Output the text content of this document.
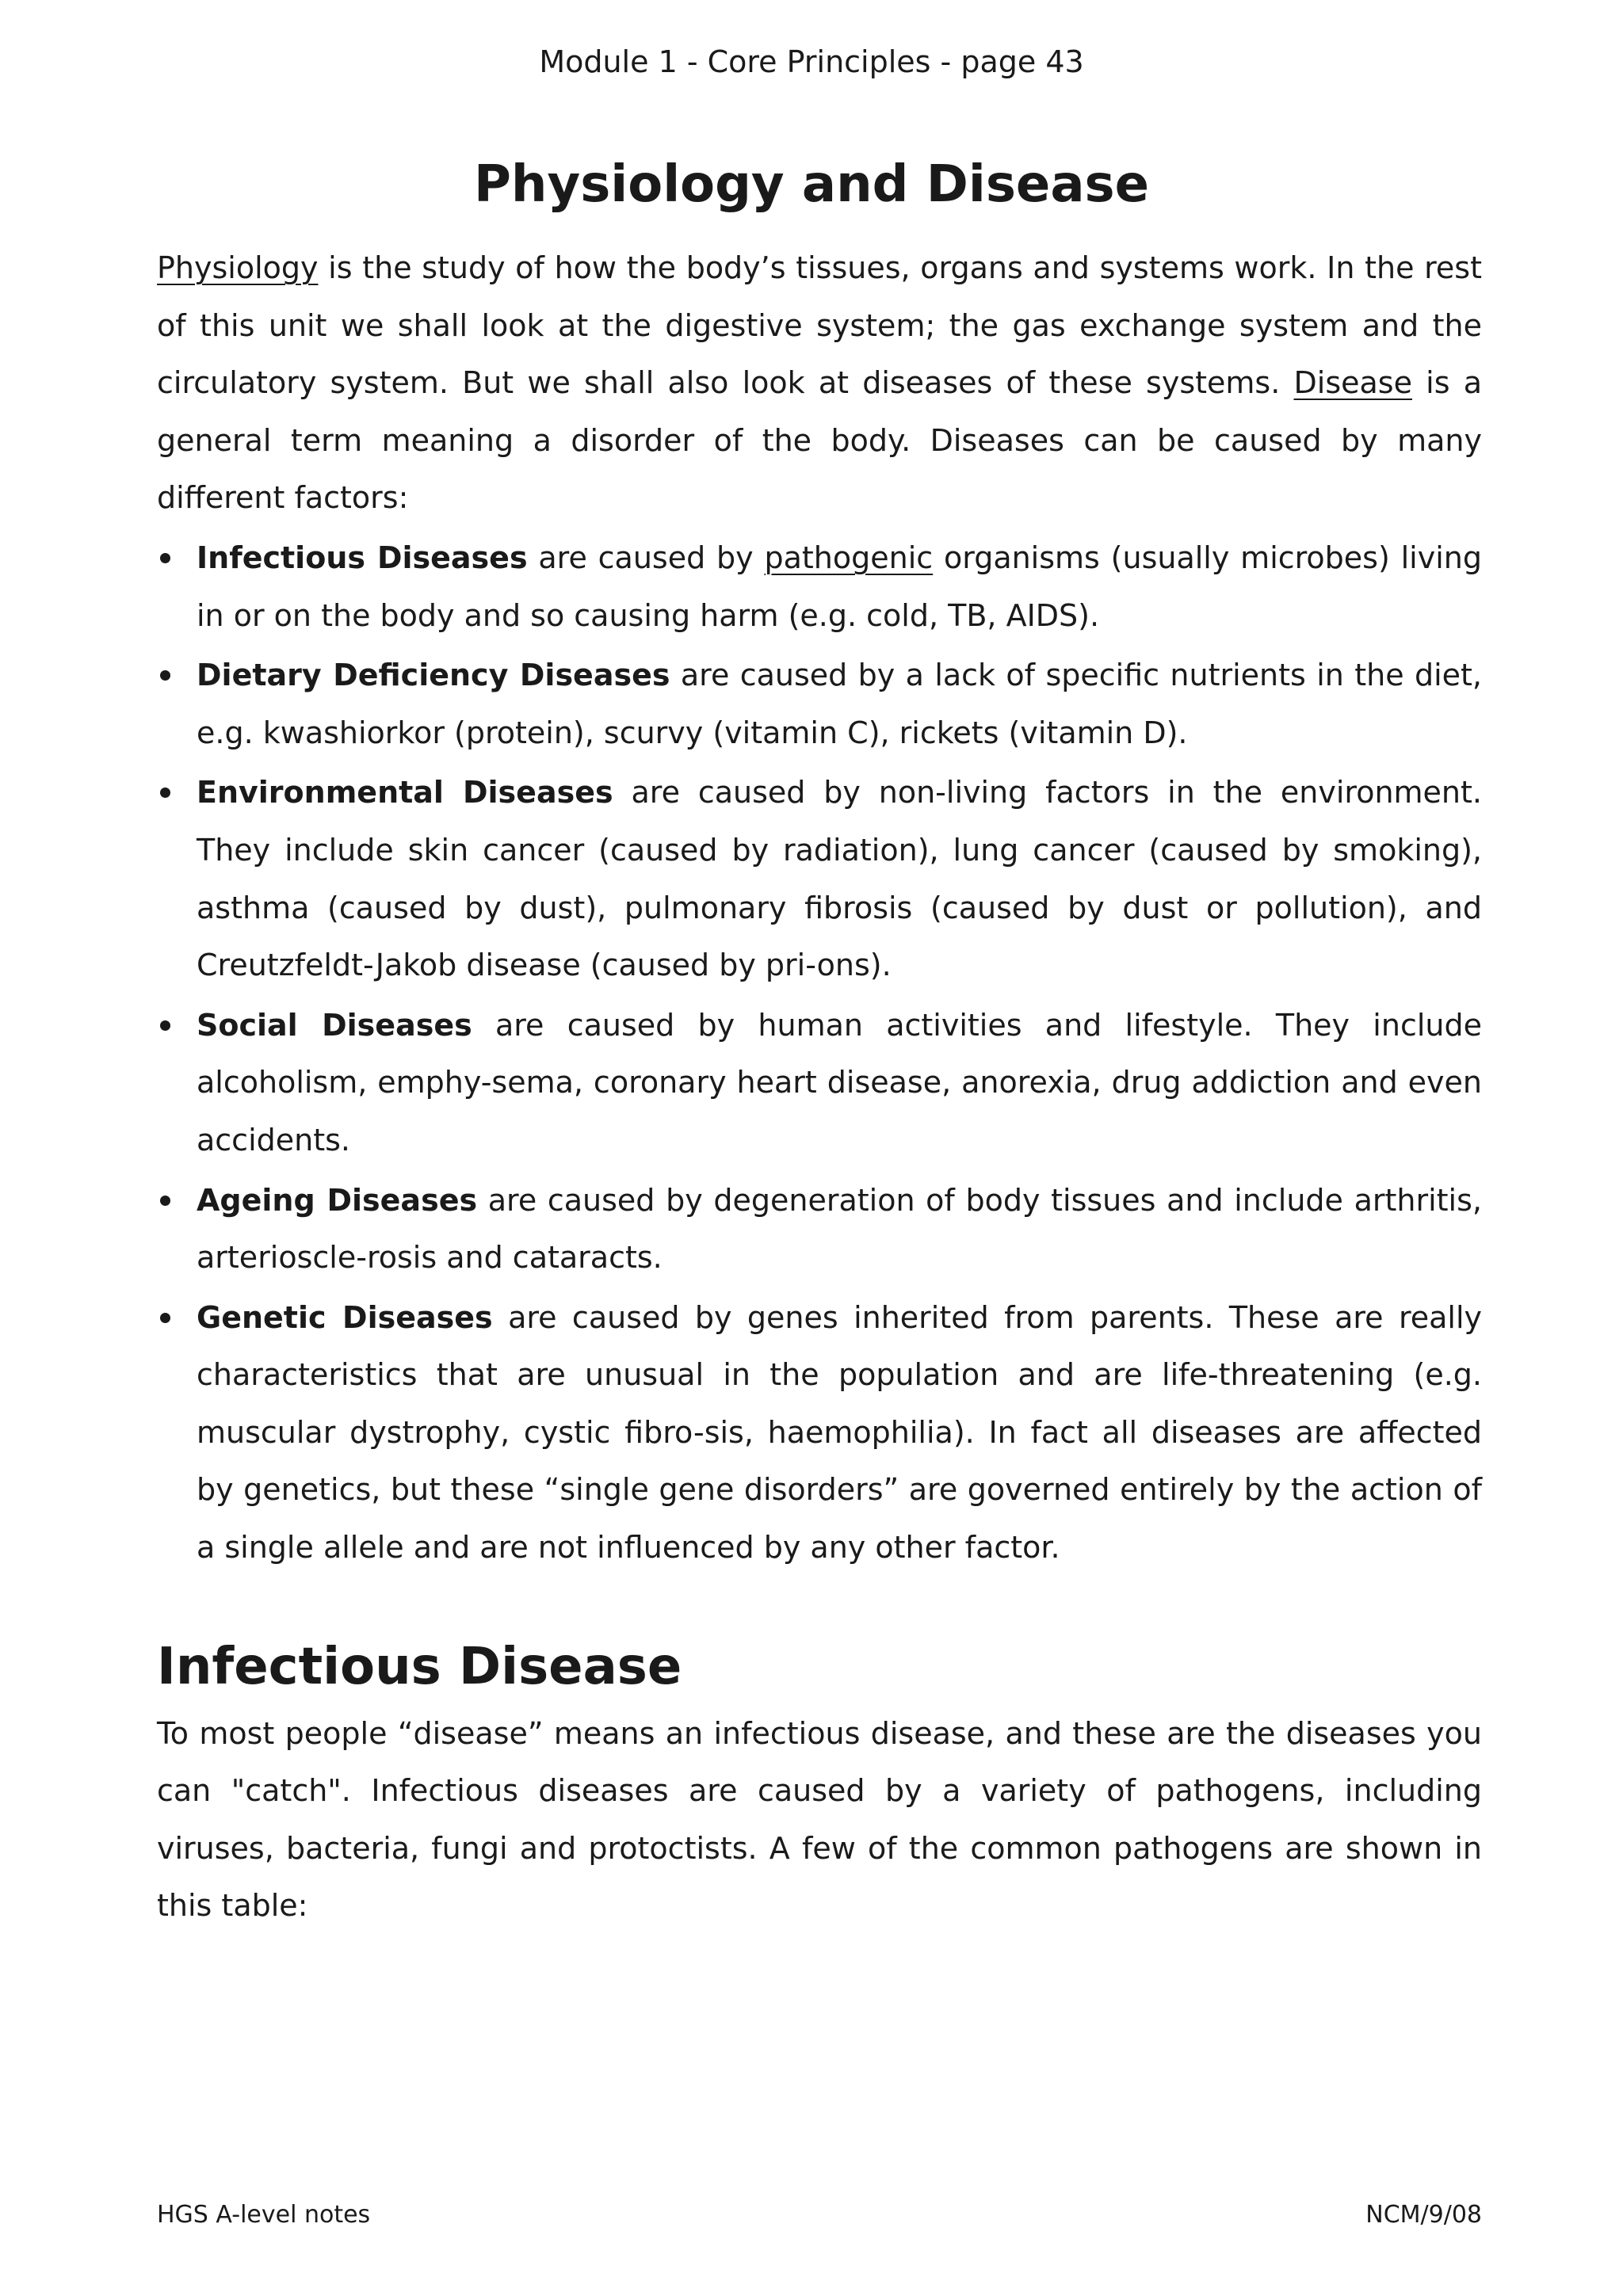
Module 1 - Core Principles - page 43
Physiology and Disease

Physiology is the study of how the body’s tissues, organs and systems work. In the rest of this unit we shall look at the digestive system; the gas exchange system and the circulatory system. But we shall also look at diseases of these systems. Disease is a general term meaning a disorder of the body. Diseases can be caused by many different factors:

Infectious Diseases are caused by pathogenic organisms (usually microbes) living in or on the body and so causing harm (e.g. cold, TB, AIDS).
Dietary Deficiency Diseases are caused by a lack of specific nutrients in the diet, e.g. kwashiorkor (protein), scurvy (vitamin C), rickets (vitamin D).
Environmental Diseases are caused by non-living factors in the environment. They include skin cancer (caused by radiation), lung cancer (caused by smoking), asthma (caused by dust), pulmonary fibrosis (caused by dust or pollution), and Creutzfeldt-Jakob disease (caused by pri-ons).
Social Diseases are caused by human activities and lifestyle. They include alcoholism, emphy-sema, coronary heart disease, anorexia, drug addiction and even accidents.
Ageing Diseases are caused by degeneration of body tissues and include arthritis, arterioscle-rosis and cataracts.
Genetic Diseases are caused by genes inherited from parents. These are really characteristics that are unusual in the population and are life-threatening (e.g. muscular dystrophy, cystic fibro-sis, haemophilia). In fact all diseases are affected by genetics, but these “single gene disorders” are governed entirely by the action of a single allele and are not influenced by any other factor.
Infectious Disease

To most people “disease” means an infectious disease, and these are the diseases you can "catch". Infectious diseases are caused by a variety of pathogens, including viruses, bacteria, fungi and protoctists. A few of the common pathogens are shown in this table:

HGS A-level notes	NCM/9/08
